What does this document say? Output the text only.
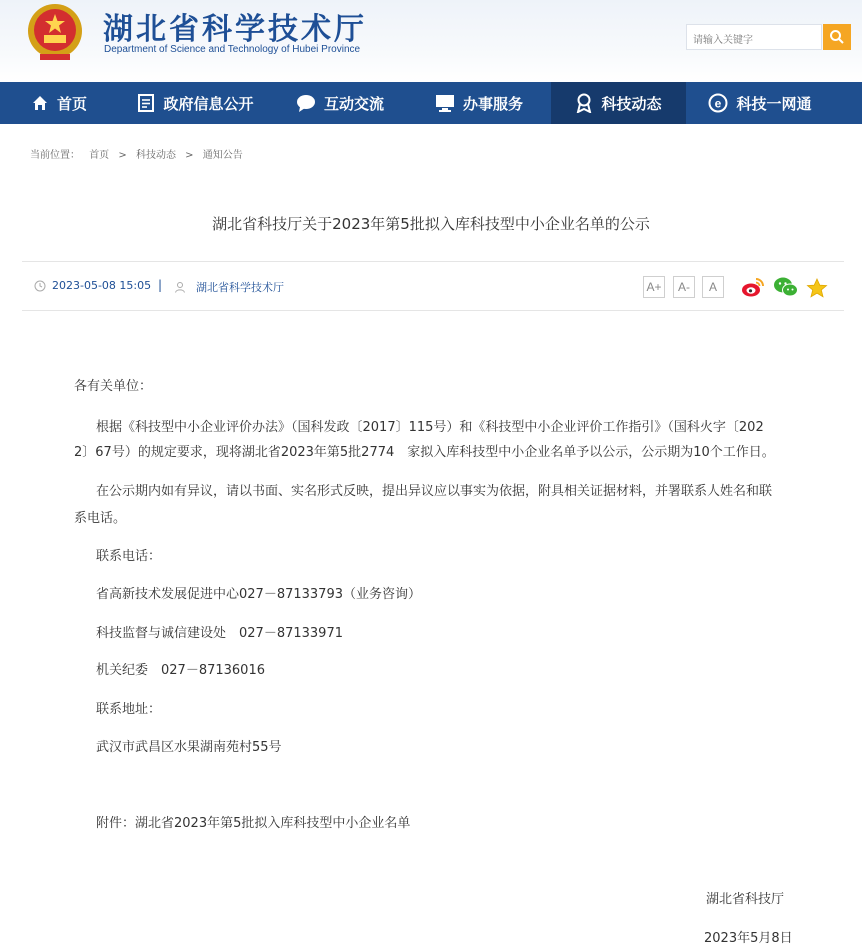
湖北省科学技术厅
Department of Science and Technology of Hubei Province
请输入关键字
首页	政府信息公开	互动交流	办事服务	科技动态	e 科技一网通
当前位置： 首页 > 科技动态 > 通知公告
湖北省科技厅关于2023年第5批拟入库科技型中小企业名单的公示
2023-05-08 15:05 |	湖北省科学技术厅	A+	A-	A
各有关单位：
根据《科技型中小企业评价办法》（国科发政〔2017〕115号）和《科技型中小企业评价工作指引》（国科火字〔202
2〕67号）的规定要求，现将湖北省2023年第5批2774　家拟入库科技型中小企业名单予以公示，公示期为10个工作日。
在公示期内如有异议，请以书面、实名形式反映，提出异议应以事实为依据，附具相关证据材料，并署联系人姓名和联
系电话。
联系电话：
省高新技术发展促进中心027－87133793（业务咨询）
科技监督与诚信建设处　027－87133971
机关纪委　027－87136016
联系地址：
武汉市武昌区水果湖南苑村55号
附件：湖北省2023年第5批拟入库科技型中小企业名单
湖北省科技厅
2023年5月8日
